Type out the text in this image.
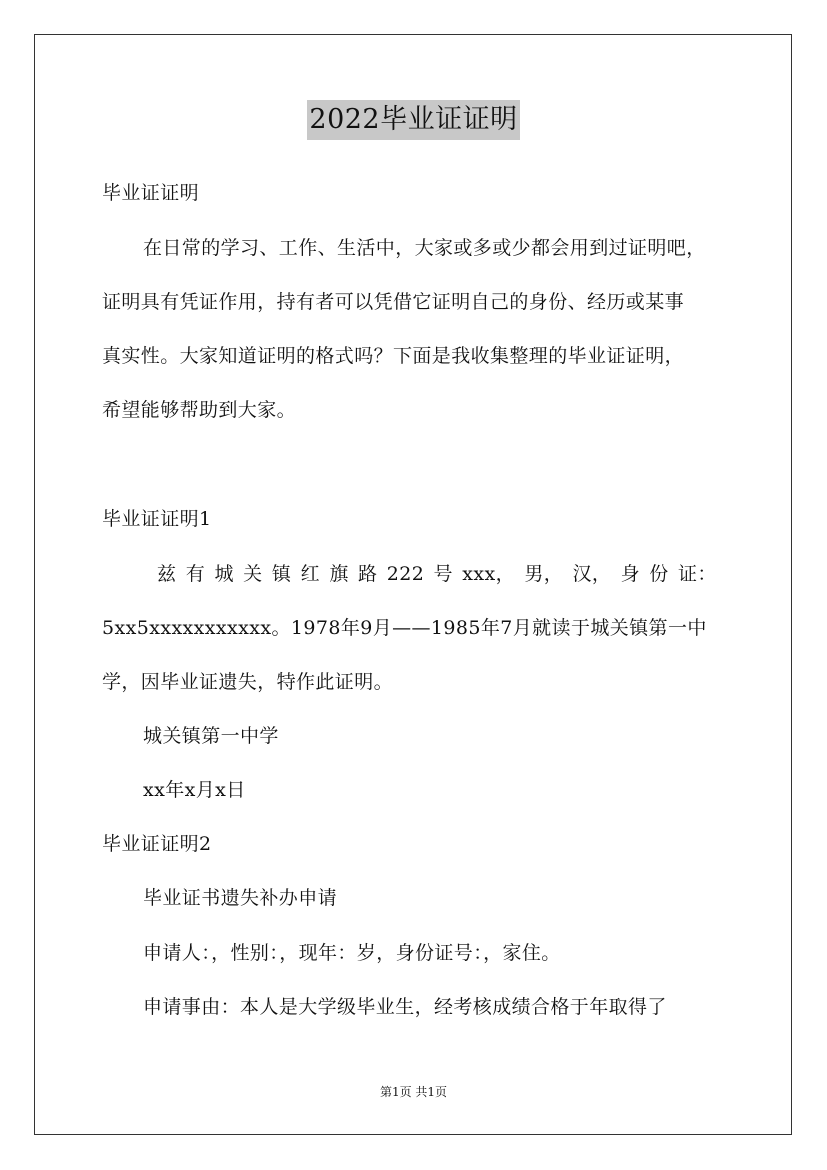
2022毕业证证明
毕业证证明
在日常的学习、工作、生活中，大家或多或少都会用到过证明吧，
证明具有凭证作用，持有者可以凭借它证明自己的身份、经历或某事
真实性。大家知道证明的格式吗？下面是我收集整理的毕业证证明，
希望能够帮助到大家。
毕业证证明1
兹 有 城 关 镇 红 旗 路 222 号 xxx， 男， 汉， 身 份 证：
5xx5xxxxxxxxxxx。1978年9月——1985年7月就读于城关镇第一中
学，因毕业证遗失，特作此证明。
城关镇第一中学
xx年x月x日
毕业证证明2
毕业证书遗失补办申请
申请人：，性别：，现年：岁，身份证号：，家住。
申请事由：本人是大学级毕业生，经考核成绩合格于年取得了
第1页 共1页
